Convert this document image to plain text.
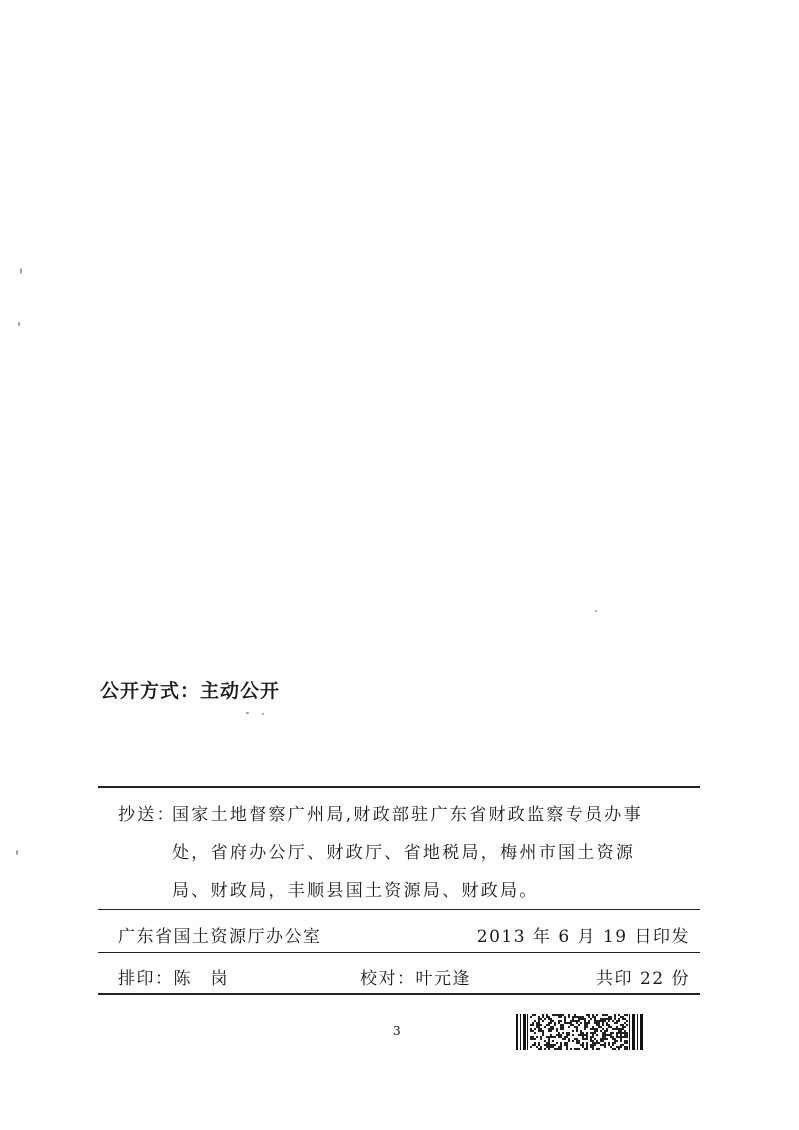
公开方式：主动公开
抄送：
国家土地督察广州局,财政部驻广东省财政监察专员办事
处，省府办公厅、财政厅、省地税局，梅州市国土资源
局、财政局，丰顺县国土资源局、财政局。
广东省国土资源厅办公室	2013 年 6 月 19 日印发
排印：陈　岗	校对：叶元逢	共印 22 份
3
